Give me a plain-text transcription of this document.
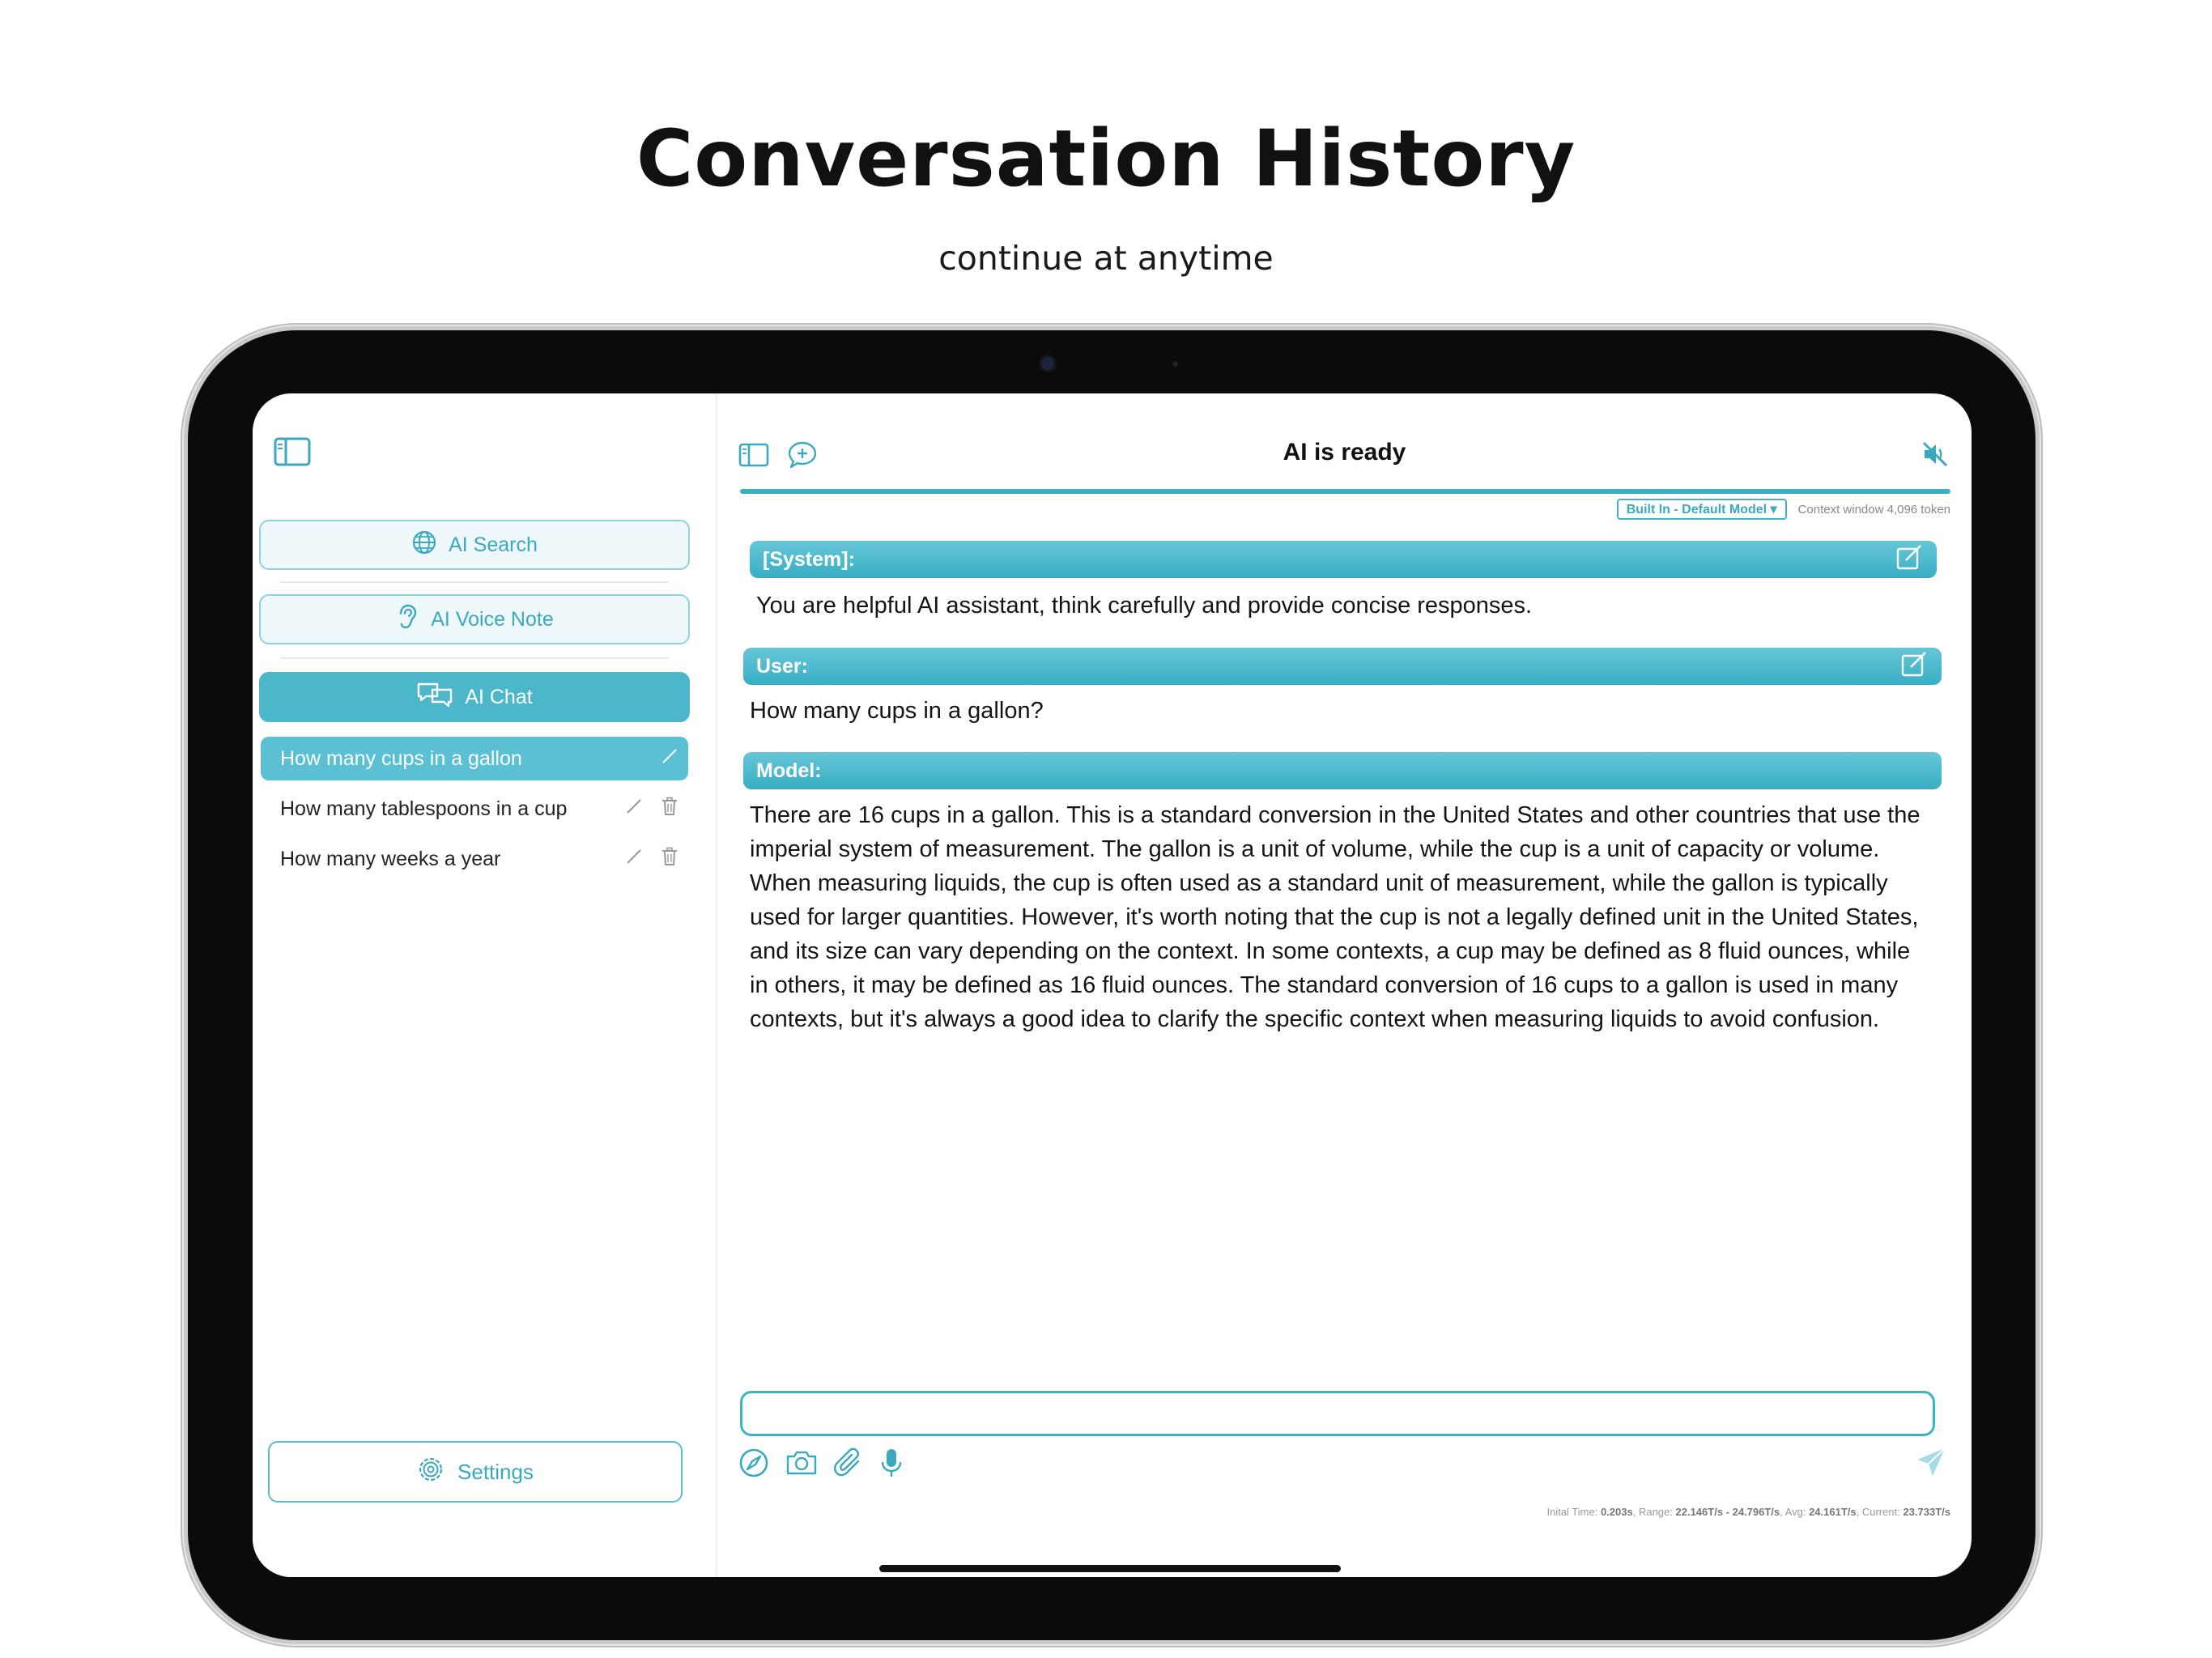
Conversation History
continue at anytime
AI Search
AI Voice Note
AI Chat
How many cups in a gallon
How many tablespoons in a cup
How many weeks a year
Settings
AI is ready
Built In - Default Model ▾	Context window 4,096 token
[System]:
You are helpful AI assistant, think carefully and provide concise responses.
User:
How many cups in a gallon?
Model:
There are 16 cups in a gallon. This is a standard conversion in the United States and other countries that use the imperial system of measurement. The gallon is a unit of volume, while the cup is a unit of capacity or volume. When measuring liquids, the cup is often used as a standard unit of measurement, while the gallon is typically used for larger quantities. However, it's worth noting that the cup is not a legally defined unit in the United States, and its size can vary depending on the context. In some contexts, a cup may be defined as 8 fluid ounces, while in others, it may be defined as 16 fluid ounces. The standard conversion of 16 cups to a gallon is used in many contexts, but it's always a good idea to clarify the specific context when measuring liquids to avoid confusion.
Inital Time: 0.203s, Range: 22.146T/s - 24.796T/s, Avg: 24.161T/s, Current: 23.733T/s
